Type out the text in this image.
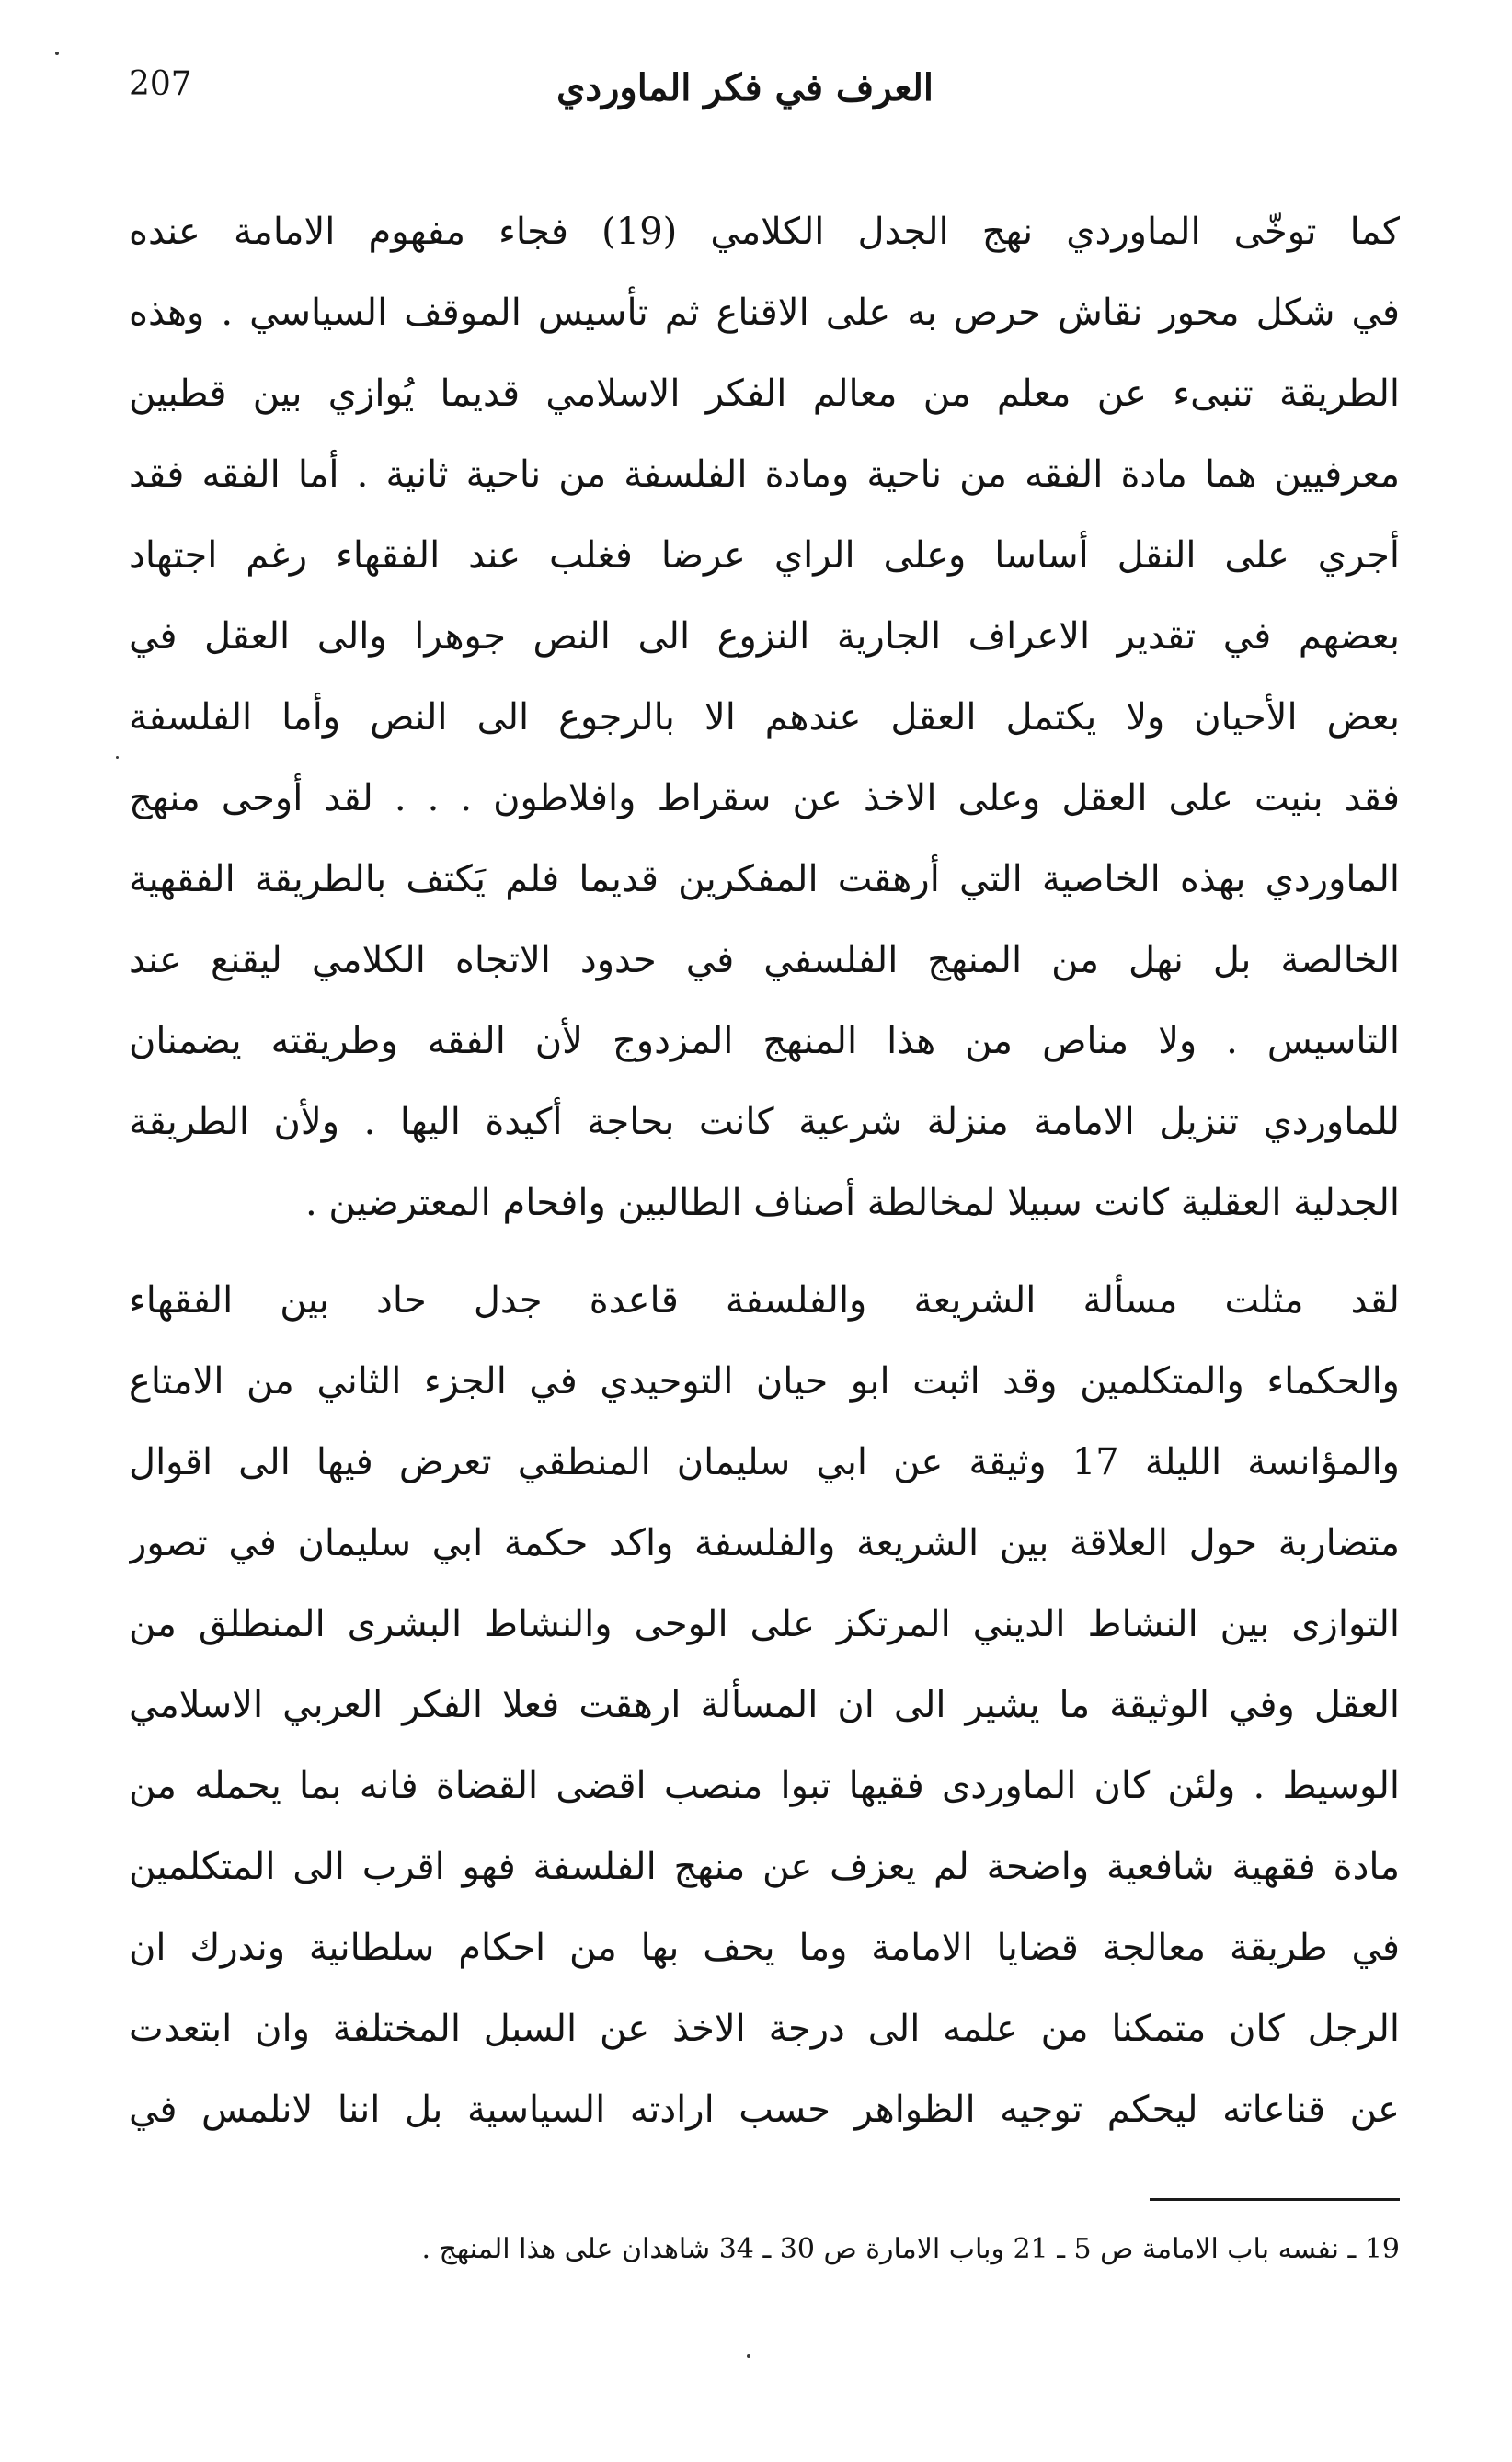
207	العرف في فكر الماوردي
كما توخّى الماوردي نهج الجدل الكلامي (19) فجاء مفهوم الامامة عنده
في شكل محور نقاش حرص به على الاقناع ثم تأسيس الموقف السياسي . وهذه
الطريقة تنبىء عن معلم من معالم الفكر الاسلامي قديما يُوازي بين قطبين
معرفيين هما مادة الفقه من ناحية ومادة الفلسفة من ناحية ثانية . أما الفقه فقد
أجري على النقل أساسا وعلى الراي عرضا فغلب عند الفقهاء رغم اجتهاد
بعضهم في تقدير الاعراف الجارية النزوع الى النص جوهرا والى العقل في
بعض الأحيان ولا يكتمل العقل عندهم الا بالرجوع الى النص وأما الفلسفة
فقد بنيت على العقل وعلى الاخذ عن سقراط وافلاطون . . . لقد أوحى منهج
الماوردي بهذه الخاصية التي أرهقت المفكرين قديما فلم يَكتف بالطريقة الفقهية
الخالصة بل نهل من المنهج الفلسفي في حدود الاتجاه الكلامي ليقنع عند
التاسيس . ولا مناص من هذا المنهج المزدوج لأن الفقه وطريقته يضمنان
للماوردي تنزيل الامامة منزلة شرعية كانت بحاجة أكيدة اليها . ولأن الطريقة
الجدلية العقلية كانت سبيلا لمخالطة أصناف الطالبين وافحام المعترضين .
لقد مثلت مسألة الشريعة والفلسفة قاعدة جدل حاد بين الفقهاء
والحكماء والمتكلمين وقد اثبت ابو حيان التوحيدي في الجزء الثاني من الامتاع
والمؤانسة الليلة 17 وثيقة عن ابي سليمان المنطقي تعرض فيها الى اقوال
متضاربة حول العلاقة بين الشريعة والفلسفة واكد حكمة ابي سليمان في تصور
التوازى بين النشاط الديني المرتكز على الوحى والنشاط البشرى المنطلق من
العقل وفي الوثيقة ما يشير الى ان المسألة ارهقت فعلا الفكر العربي الاسلامي
الوسيط . ولئن كان الماوردى فقيها تبوا منصب اقضى القضاة فانه بما يحمله من
مادة فقهية شافعية واضحة لم يعزف عن منهج الفلسفة فهو اقرب الى المتكلمين
في طريقة معالجة قضايا الامامة وما يحف بها من احكام سلطانية وندرك ان
الرجل كان متمكنا من علمه الى درجة الاخذ عن السبل المختلفة وان ابتعدت
عن قناعاته ليحكم توجيه الظواهر حسب ارادته السياسية بل اننا لانلمس في
19 ـ نفسه باب الامامة ص 5 ـ 21 وباب الامارة ص 30 ـ 34 شاهدان على هذا المنهج .
